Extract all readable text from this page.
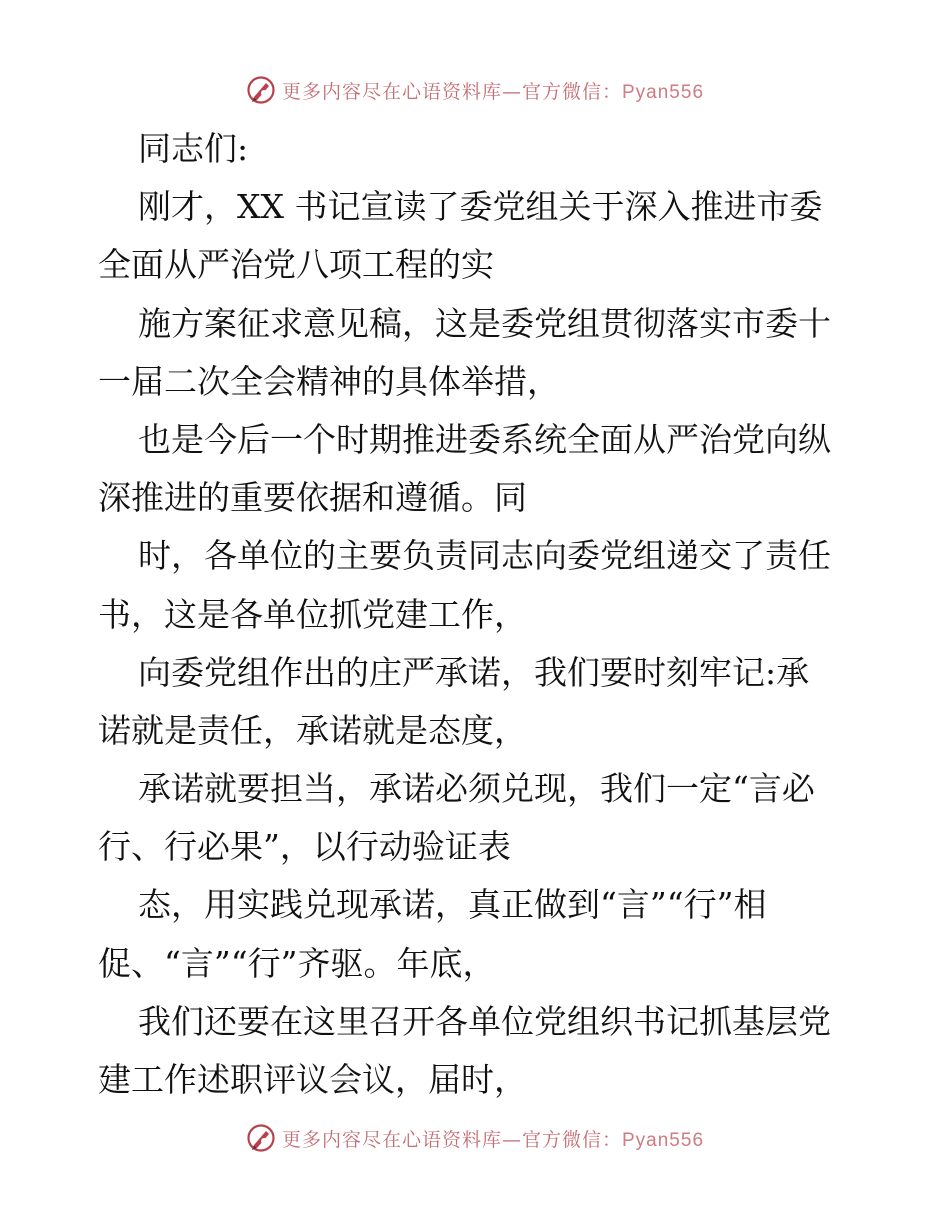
更多内容尽在心语资料库—官方微信：Pyan556
同志们:
刚才，XX 书记宣读了委党组关于深入推进市委
全面从严治党八项工程的实
施方案征求意见稿，这是委党组贯彻落实市委十
一届二次全会精神的具体举措，
也是今后一个时期推进委系统全面从严治党向纵
深推进的重要依据和遵循。同
时，各单位的主要负责同志向委党组递交了责任
书，这是各单位抓党建工作，
向委党组作出的庄严承诺，我们要时刻牢记:承
诺就是责任，承诺就是态度，
承诺就要担当，承诺必须兑现，我们一定“言必
行、行必果”，以行动验证表
态，用实践兑现承诺，真正做到“言”“行”相
促、“言”“行”齐驱。年底，
我们还要在这里召开各单位党组织书记抓基层党
建工作述职评议会议，届时，
更多内容尽在心语资料库—官方微信：Pyan556
